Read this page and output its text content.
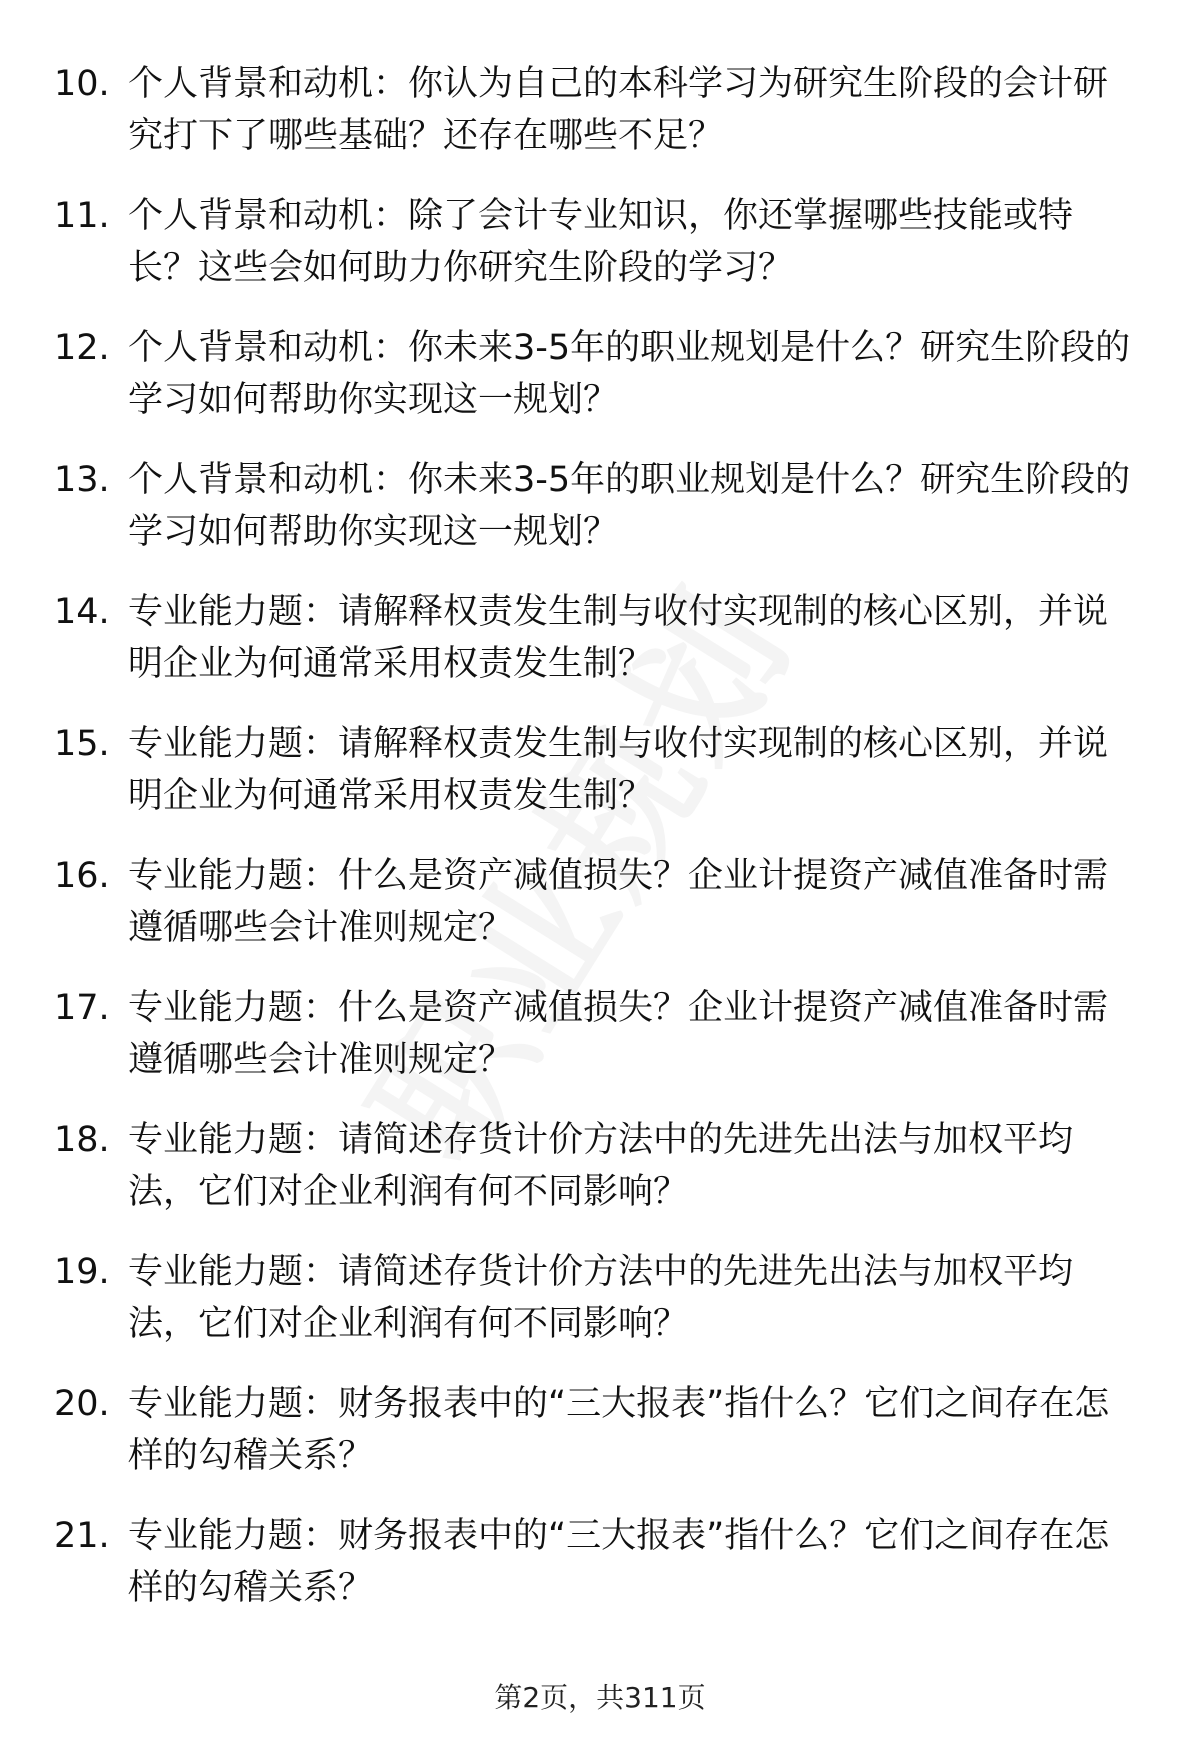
10. 个人背景和动机：你认为自己的本科学习为研究生阶段的会计研究打下了哪些基础？还存在哪些不足？
11. 个人背景和动机：除了会计专业知识，你还掌握哪些技能或特长？这些会如何助力你研究生阶段的学习？
12. 个人背景和动机：你未来3-5年的职业规划是什么？研究生阶段的学习如何帮助你实现这一规划？
13. 个人背景和动机：你未来3-5年的职业规划是什么？研究生阶段的学习如何帮助你实现这一规划？
14. 专业能力题：请解释权责发生制与收付实现制的核心区别，并说明企业为何通常采用权责发生制？
15. 专业能力题：请解释权责发生制与收付实现制的核心区别，并说明企业为何通常采用权责发生制？
16. 专业能力题：什么是资产减值损失？企业计提资产减值准备时需遵循哪些会计准则规定？
17. 专业能力题：什么是资产减值损失？企业计提资产减值准备时需遵循哪些会计准则规定？
18. 专业能力题：请简述存货计价方法中的先进先出法与加权平均法，它们对企业利润有何不同影响？
19. 专业能力题：请简述存货计价方法中的先进先出法与加权平均法，它们对企业利润有何不同影响？
20. 专业能力题：财务报表中的“三大报表”指什么？它们之间存在怎样的勾稽关系？
21. 专业能力题：财务报表中的“三大报表”指什么？它们之间存在怎样的勾稽关系？
第2页，共311页
